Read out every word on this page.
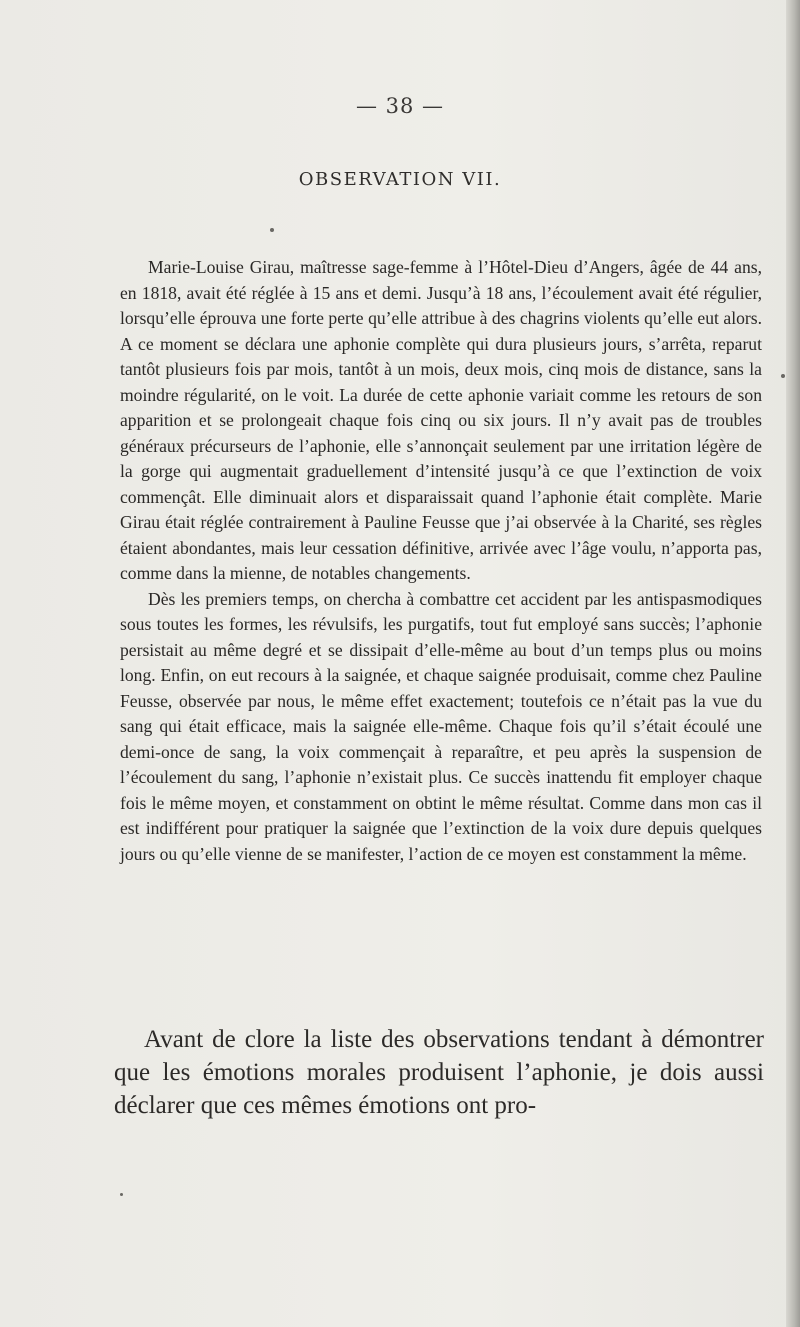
— 38 —
OBSERVATION VII.

Marie-Louise Girau, maîtresse sage-femme à l’Hôtel-Dieu d’Angers, âgée de 44 ans, en 1818, avait été réglée à 15 ans et demi. Jusqu’à 18 ans, l’écoulement avait été régulier, lorsqu’elle éprouva une forte perte qu’elle attribue à des chagrins violents qu’elle eut alors. A ce moment se déclara une aphonie complète qui dura plusieurs jours, s’arrêta, reparut tantôt plusieurs fois par mois, tantôt à un mois, deux mois, cinq mois de distance, sans la moindre régularité, on le voit. La durée de cette aphonie variait comme les retours de son apparition et se prolongeait chaque fois cinq ou six jours. Il n’y avait pas de troubles généraux précurseurs de l’aphonie, elle s’annonçait seulement par une irritation légère de la gorge qui augmentait graduellement d’intensité jusqu’à ce que l’extinction de voix commençât. Elle diminuait alors et disparaissait quand l’aphonie était complète. Marie Girau était réglée contrairement à Pauline Feusse que j’ai observée à la Charité, ses règles étaient abondantes, mais leur cessation définitive, arrivée avec l’âge voulu, n’apporta pas, comme dans la mienne, de notables changements.

Dès les premiers temps, on chercha à combattre cet accident par les antispasmodiques sous toutes les formes, les révulsifs, les purgatifs, tout fut employé sans succès; l’aphonie persistait au même degré et se dissipait d’elle-même au bout d’un temps plus ou moins long. Enfin, on eut recours à la saignée, et chaque saignée produisait, comme chez Pauline Feusse, observée par nous, le même effet exactement; toutefois ce n’était pas la vue du sang qui était efficace, mais la saignée elle-même. Chaque fois qu’il s’était écoulé une demi-once de sang, la voix commençait à reparaître, et peu après la suspension de l’écoulement du sang, l’aphonie n’existait plus. Ce succès inattendu fit employer chaque fois le même moyen, et constamment on obtint le même résultat. Comme dans mon cas il est indifférent pour pratiquer la saignée que l’extinction de la voix dure depuis quelques jours ou qu’elle vienne de se manifester, l’action de ce moyen est constamment la même.

Avant de clore la liste des observations tendant à démontrer que les émotions morales produisent l’aphonie, je dois aussi déclarer que ces mêmes émotions ont pro-
